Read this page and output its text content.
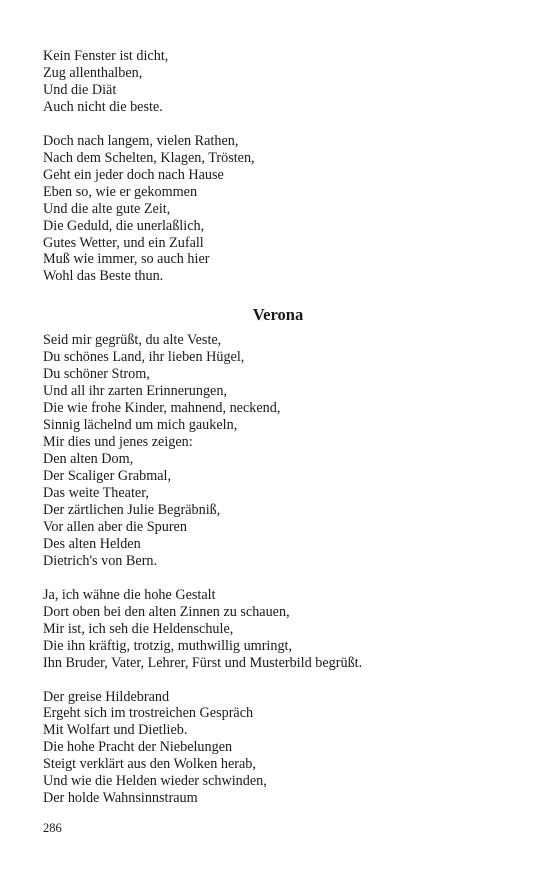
Kein Fenster ist dicht,
Zug allenthalben,
Und die Diät
Auch nicht die beste.
Doch nach langem, vielen Rathen,
Nach dem Schelten, Klagen, Trösten,
Geht ein jeder doch nach Hause
Eben so, wie er gekommen
Und die alte gute Zeit,
Die Geduld, die unerlaßlich,
Gutes Wetter, und ein Zufall
Muß wie immer, so auch hier
Wohl das Beste thun.
Verona
Seid mir gegrüßt, du alte Veste,
Du schönes Land, ihr lieben Hügel,
Du schöner Strom,
Und all ihr zarten Erinnerungen,
Die wie frohe Kinder, mahnend, neckend,
Sinnig lächelnd um mich gaukeln,
Mir dies und jenes zeigen:
Den alten Dom,
Der Scaliger Grabmal,
Das weite Theater,
Der zärtlichen Julie Begräbniß,
Vor allen aber die Spuren
Des alten Helden
Dietrich's von Bern.
Ja, ich wähne die hohe Gestalt
Dort oben bei den alten Zinnen zu schauen,
Mir ist, ich seh die Heldenschule,
Die ihn kräftig, trotzig, muthwillig umringt,
Ihn Bruder, Vater, Lehrer, Fürst und Musterbild begrüßt.
Der greise Hildebrand
Ergeht sich im trostreichen Gespräch
Mit Wolfart und Dietlieb.
Die hohe Pracht der Niebelungen
Steigt verklärt aus den Wolken herab,
Und wie die Helden wieder schwinden,
Der holde Wahnsinnstraum
286
